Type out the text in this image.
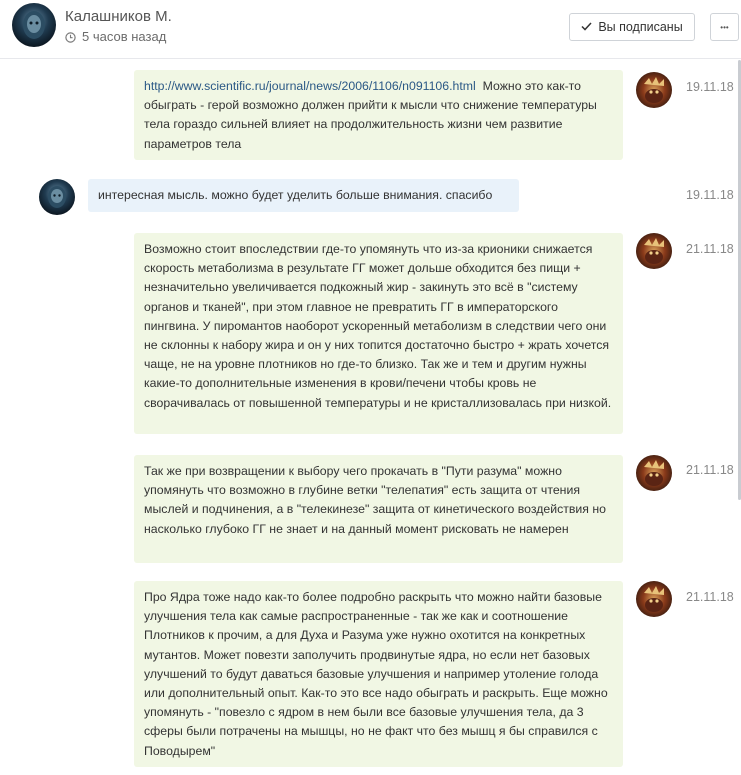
Калашников М.
5 часов назад
Вы подписаны	•••
http://www.scientific.ru/journal/news/2006/1106/n091106.html Можно это как-то обыграть - герой возможно должен прийти к мысли что снижение температуры тела гораздо сильней влияет на продолжительность жизни чем развитие параметров тела
19.11.18
интересная мысль. можно будет уделить больше внимания. спасибо	19.11.18
Возможно стоит впоследствии где-то упомянуть что из-за крионики снижается скорость метаболизма в результате ГГ может дольше обходится без пищи + незначительно увеличивается подкожный жир - закинуть это всё в "систему органов и тканей", при этом главное не превратить ГГ в императорского пингвина. У пиромантов наоборот ускоренный метаболизм в следствии чего они не склонны к набору жира и он у них топится достаточно быстро + жрать хочется чаще, не на уровне плотников но где-то близко. Так же и тем и другим нужны какие-то дополнительные изменения в крови/печени чтобы кровь не сворачивалась от повышенной температуры и не кристаллизовалась при низкой.
21.11.18
Так же при возвращении к выбору чего прокачать в "Пути разума" можно упомянуть что возможно в глубине ветки "телепатия" есть защита от чтения мыслей и подчинения, а в "телекинезе" защита от кинетического воздействия но насколько глубоко ГГ не знает и на данный момент рисковать не намерен
21.11.18
Про Ядра тоже надо как-то более подробно раскрыть что можно найти базовые улучшения тела как самые распространенные - так же как и соотношение Плотников к прочим, а для Духа и Разума уже нужно охотится на конкретных мутантов. Может повезти заполучить продвинутые ядра, но если нет базовых улучшений то будут даваться базовые улучшения и например утоление голода или дополнительный опыт. Как-то это все надо обыграть и раскрыть. Еще можно упомянуть - "повезло с ядром в нем были все базовые улучшения тела, да 3 сферы были потрачены на мышцы, но не факт что без мышц я бы справился с Поводырем"
21.11.18
